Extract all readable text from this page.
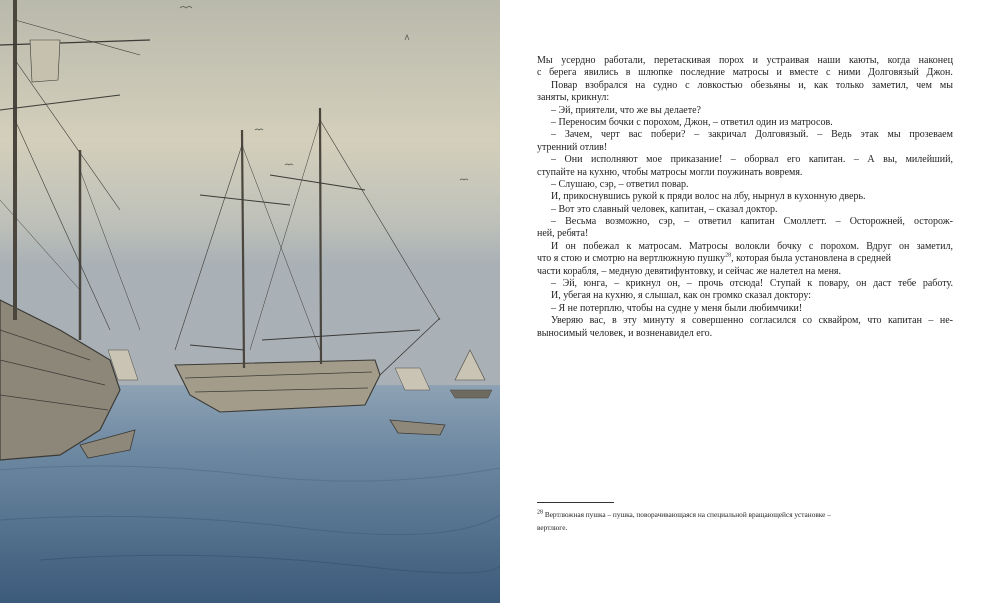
Мы усердно работали, перетаскивая порох и устраивая наши каюты, когда наконец
с берега явились в шлюпке последние матросы и вместе с ними Долговязый Джон.
Повар взобрался на судно с ловкостью обезьяны и, как только заметил, чем мы
заняты, крикнул:
– Эй, приятели, что же вы делаете?
– Переносим бочки с порохом, Джон, – ответил один из матросов.
– Зачем, черт вас побери? – закричал Долговязый. – Ведь этак мы прозеваем
утренний отлив!
– Они исполняют мое приказание! – оборвал его капитан. – А вы, милейший,
ступайте на кухню, чтобы матросы могли поужинать вовремя.
– Слушаю, сэр, – ответил повар.
И, прикоснувшись рукой к пряди волос на лбу, нырнул в кухонную дверь.
– Вот это славный человек, капитан, – сказал доктор.
– Весьма возможно, сэр, – ответил капитан Смоллетт. – Осторожней, осторож-
ней, ребята!
И он побежал к матросам. Матросы волокли бочку с порохом. Вдруг он заметил,
что я стою и смотрю на вертлюжную пушку$^{28}$, которая была установлена в средней
части корабля, – медную девятифунтовку, и сейчас же налетел на меня.
– Эй, юнга, – крикнул он, – прочь отсюда! Ступай к повару, он даст тебе работу.
И, убегая на кухню, я слышал, как он громко сказал доктору:
– Я не потерплю, чтобы на судне у меня были любимчики!
Уверяю вас, в эту минуту я совершенно согласился со сквайром, что капитан – не-
выносимый человек, и возненавидел его.
$^{28}$ Вертлюжная пушка – пушка, поворачивающаяся на специальной вращающейся установке –
вертлюге.
